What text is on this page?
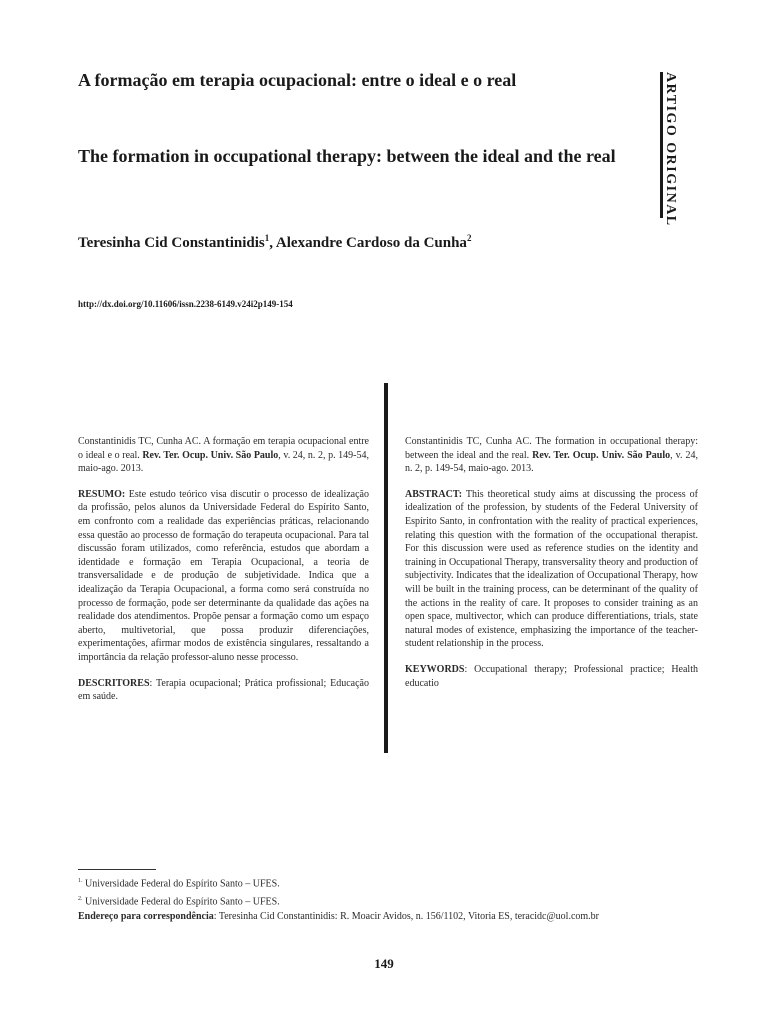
A formação em terapia ocupacional: entre o ideal e o real
The formation in occupational therapy: between the ideal and the real	ARTIGO ORIGINAL
Teresinha Cid Constantinidis$^1$, Alexandre Cardoso da Cunha$^2$
http://dx.doi.org/10.11606/issn.2238-6149.v24i2p149-154

Constantinidis TC, Cunha AC. A formação em terapia ocupacional entre o ideal e o real. Rev. Ter. Ocup. Univ. São Paulo, v. 24, n. 2, p. 149-54, maio-ago. 2013.

RESUMO: Este estudo teórico visa discutir o processo de idealização da profissão, pelos alunos da Universidade Federal do Espírito Santo, em confronto com a realidade das experiências práticas, relacionando essa questão ao processo de formação do terapeuta ocupacional. Para tal discussão foram utilizados, como referência, estudos que abordam a identidade e formação em Terapia Ocupacional, a teoria de transversalidade e de produção de subjetividade. Indica que a idealização da Terapia Ocupacional, a forma como será construída no processo de formação, pode ser determinante da qualidade das ações na realidade dos atendimentos. Propõe pensar a formação como um espaço aberto, multivetorial, que possa produzir diferenciações, experimentações, afirmar modos de existência singulares, ressaltando a importância da relação professor-aluno nesse processo.

DESCRITORES: Terapia ocupacional; Prática profissional; Educação em saúde.

Constantinidis TC, Cunha AC. The formation in occupational therapy: between the ideal and the real. Rev. Ter. Ocup. Univ. São Paulo, v. 24, n. 2, p. 149-54, maio-ago. 2013.

ABSTRACT: This theoretical study aims at discussing the process of idealization of the profession, by students of the Federal University of Espírito Santo, in confrontation with the reality of practical experiences, relating this question with the formation of the occupational therapist. For this discussion were used as reference studies on the identity and training in Occupational Therapy, transversality theory and production of subjectivity. Indicates that the idealization of Occupational Therapy, how will be built in the training process, can be determinant of the quality of the actions in the reality of care. It proposes to consider training as an open space, multivector, which can produce differentiations, trials, state natural modes of existence, emphasizing the importance of the teacher-student relationship in the process.

KEYWORDS: Occupational therapy; Professional practice; Health educatio

$^{1.}$ Universidade Federal do Espírito Santo – UFES.
$^{2.}$ Universidade Federal do Espírito Santo – UFES.
Endereço para correspondência: Teresinha Cid Constantinidis: R. Moacir Avidos, n. 156/1102, Vitoria ES, teracidc@uol.com.br
149
